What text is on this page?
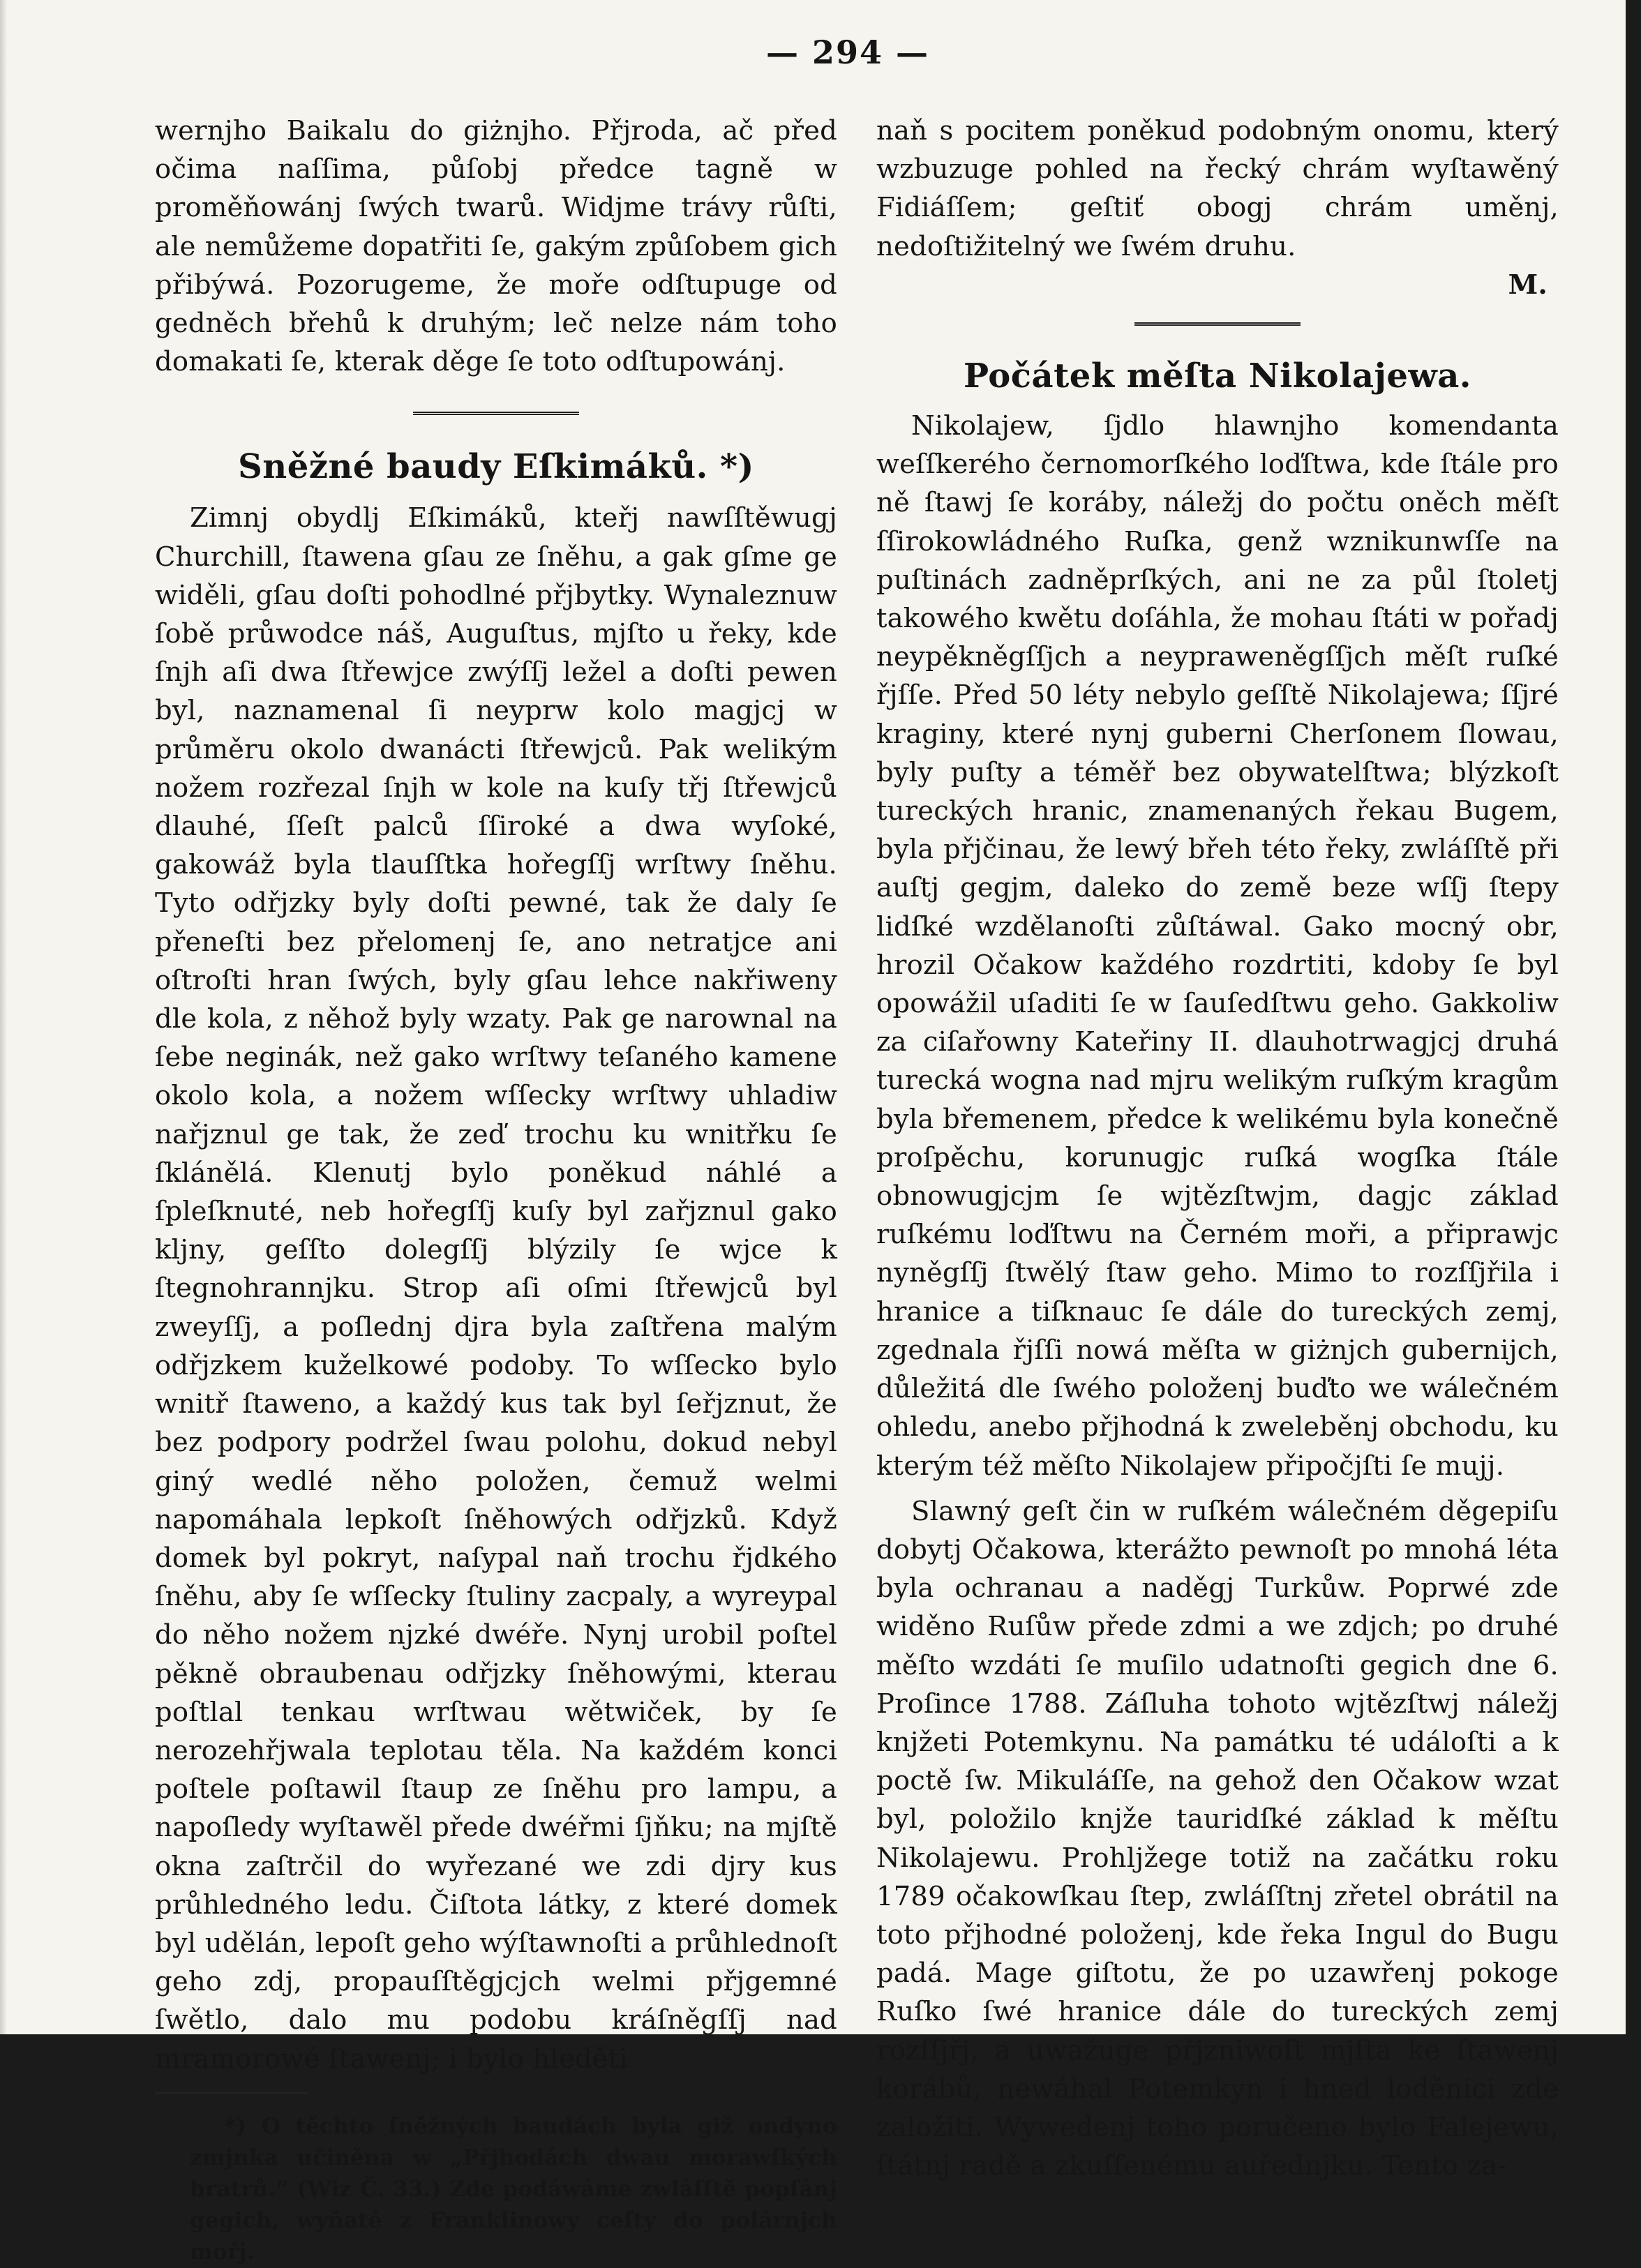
— 294 —

wernjho Baikalu do giżnjho. Přjroda, ač před očima naſſima, půſobj předce tagně w proměňowánj ſwých twarů. Widjme trávy růſti, ale nemůžeme dopatřiti ſe, gakým způſobem gich přibýwá. Pozorugeme, že moře odſtupuge od gedněch břehů k druhým; leč nelze nám toho domakati ſe, kterak děge ſe toto odſtupowánj.

Sněžné baudy Eſkimáků. *)

Zimnj obydlj Eſkimáků, kteřj nawſſtěwugj Churchill, ſtawena gſau ze ſněhu, a gak gſme ge widěli, gſau doſti pohodlné přjbytky. Wynaleznuw ſobě průwodce náš, Auguſtus, mjſto u řeky, kde ſnjh aſi dwa ſtřewjce zwýſſj ležel a doſti pewen byl, naznamenal ſi neyprw kolo magjcj w průměru okolo dwanácti ſtřewjců. Pak welikým nožem rozřezal ſnjh w kole na kuſy třj ſtřewjců dlauhé, ſſeſt palců ſſiroké a dwa wyſoké, gakowáž byla tlauſſtka hořegſſj wrſtwy ſněhu. Tyto odřjzky byly doſti pewné, tak že daly ſe přeneſti bez přelomenj ſe, ano netratjce ani oſtroſti hran ſwých, byly gſau lehce nakřiweny dle kola, z něhož byly wzaty. Pak ge narownal na ſebe neginák, než gako wrſtwy teſaného kamene okolo kola, a nožem wſſecky wrſtwy uhladiw nařjznul ge tak, že zeď trochu ku wnitřku ſe ſklánělá. Klenutj bylo poněkud náhlé a ſpleſknuté, neb hořegſſj kuſy byl zařjznul gako kljny, geſſto dolegſſj blýzily ſe wjce k ſtegnohrannjku. Strop aſi oſmi ſtřewjců byl zweyſſj, a poſlednj djra byla zaſtřena malým odřjzkem kuželkowé podoby. To wſſecko bylo wnitř ſtaweno, a každý kus tak byl ſeřjznut, že bez podpory podržel ſwau polohu, dokud nebyl giný wedlé něho položen, čemuž welmi napomáhala lepkoſt ſněhowých odřjzků. Když domek byl pokryt, naſypal naň trochu řjdkého ſněhu, aby ſe wſſecky ſtuliny zacpaly, a wyreypal do něho nožem njzké dwéře. Nynj urobil poſtel pěkně obraubenau odřjzky ſněhowými, kterau poſtlal tenkau wrſtwau wětwiček, by ſe nerozehřjwala teplotau těla. Na každém konci poſtele poſtawil ſtaup ze ſněhu pro lampu, a napoſledy wyſtawěl přede dwéřmi ſjňku; na mjſtě okna zaſtrčil do wyřezané we zdi djry kus průhledného ledu. Čiſtota látky, z které domek byl udělán, lepoſt geho wýſtawnoſti a průhlednoſt geho zdj, propauſſtěgjcjch welmi přjgemné ſwětlo, dalo mu podobu kráſněgſſj nad mramorowé ſtawenj; i bylo hleděti

*) O těchto ſněžných baudách byla giž ondyno zmjnka učiněna w „Přjhodách dwau morawſkých bratrů.“ (Wiz Č. 33.) Zde podáwáme zwláſſtě popſánj gegich, wyňaté z Franklinowy ceſty do polárnjch mořj.

naň s pocitem poněkud podobným onomu, který wzbuzuge pohled na řecký chrám wyſtawěný Fidiáſſem; geſtiť obogj chrám uměnj, nedoſtižitelný we ſwém druhu.

M.

Počátek měſta Nikolajewa.

Nikolajew, ſjdlo hlawnjho komendanta weſſkerého černomorſkého loďſtwa, kde ſtále pro ně ſtawj ſe koráby, náležj do počtu oněch měſt ſſirokowládného Ruſka, genž wznikunwſſe na puſtinách zadněprſkých, ani ne za půl ſtoletj takowého kwětu doſáhla, že mohau ſtáti w pořadj neypěkněgſſjch a neypraweněgſſjch měſt ruſké řjſſe. Před 50 léty nebylo geſſtě Nikolajewa; ſſjré kraginy, které nynj guberni Cherſonem ſlowau, byly puſty a téměř bez obywatelſtwa; blýzkoſt tureckých hranic, znamenaných řekau Bugem, byla přjčinau, že lewý břeh této řeky, zwláſſtě při auſtj gegjm, daleko do země beze wſſj ſtepy lidſké wzdělanoſti zůſtáwal. Gako mocný obr, hrozil Očakow každého rozdrtiti, kdoby ſe byl opowážil uſaditi ſe w ſauſedſtwu geho. Gakkoliw za ciſařowny Kateřiny II. dlauhotrwagjcj druhá turecká wogna nad mjru welikým ruſkým kragům byla břemenem, předce k welikému byla konečně proſpěchu, korunugjc ruſká wogſka ſtále obnowugjcjm ſe wjtězſtwjm, dagjc základ ruſkému loďſtwu na Černém moři, a připrawjc nyněgſſj ſtwělý ſtaw geho. Mimo to rozſſjřila i hranice a tiſknauc ſe dále do tureckých zemj, zgednala řjſſi nowá měſta w giżnjch gubernijch, důležitá dle ſwého položenj buďto we wálečném ohledu, anebo přjhodná k zweleběnj obchodu, ku kterým též měſto Nikolajew připočjſti ſe mujj.

Slawný geſt čin w ruſkém wálečném děgepiſu dobytj Očakowa, kterážto pewnoſt po mnohá léta byla ochranau a naděgj Turkůw. Poprwé zde widěno Ruſůw přede zdmi a we zdjch; po druhé měſto wzdáti ſe muſilo udatnoſti gegich dne 6. Proſince 1788. Záſluha tohoto wjtězſtwj náležj knjžeti Potemkynu. Na památku té událoſti a k poctě ſw. Mikuláſſe, na gehož den Očakow wzat byl, položilo knjže tauridſké základ k měſtu Nikolajewu. Prohljžege totiž na začátku roku 1789 očakowſkau ſtep, zwláſſtnj zřetel obrátil na toto přjhodné položenj, kde řeka Ingul do Bugu padá. Mage giſtotu, že po uzawřenj pokoge Ruſko ſwé hranice dále do tureckých zemj rozſſjřj, a uwažuge přjzniwoſt mjſta ke ſtawenj korábů, newáhal Potemkyn i hned loděnici zde založiti. Wywedenj toho poručeno bylo Falejewu, ſtátnj radě a zkuſſenému auřednjku. Tento za-
